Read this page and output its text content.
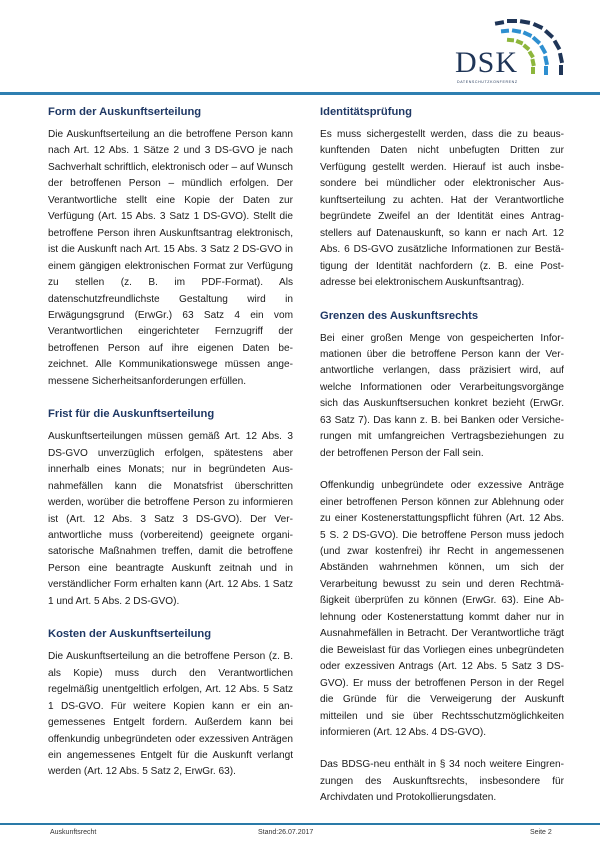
DSK
DATENSCHUTZKONFERENZ
Form der Auskunftserteilung

Die Auskunftserteilung an die betroffene Person kann nach Art. 12 Abs. 1 Sätze 2 und 3 DS-GVO je nach Sachverhalt schriftlich, elektronisch oder – auf Wunsch der betroffenen Person – mündlich erfolgen. Der Verantwortliche stellt eine Kopie der Daten zur Verfügung (Art. 15 Abs. 3 Satz 1 DS-GVO). Stellt die betroffene Person ihren Auskunftsantrag elektronisch, ist die Auskunft nach Art. 15 Abs. 3 Satz 2 DS-GVO in einem gängigen elektronischen Format zur Verfügung zu stellen (z. B. im PDF-Format). Als datenschutzfreundlichste Gestaltung wird in Erwägungsgrund (ErwGr.) 63 Satz 4 ein vom Verantwortlichen eingerichteter Fernzugriff der betroffenen Person auf ihre eigenen Daten bezeichnet. Alle Kommunikationswege müssen angemessene Sicherheitsanforderungen erfüllen.

Frist für die Auskunftserteilung

Auskunftserteilungen müssen gemäß Art. 12 Abs. 3 DS-GVO unverzüglich erfolgen, spätestens aber innerhalb eines Monats; nur in begründeten Ausnahmefällen kann die Monatsfrist überschritten werden, worüber die betroffene Person zu informieren ist (Art. 12 Abs. 3 Satz 3 DS-GVO). Der Verantwortliche muss (vorbereitend) geeignete organisatorische Maßnahmen treffen, damit die betroffene Person eine beantragte Auskunft zeitnah und in verständlicher Form erhalten kann (Art. 12 Abs. 1 Satz 1 und Art. 5 Abs. 2 DS-GVO).

Kosten der Auskunftserteilung

Die Auskunftserteilung an die betroffene Person (z. B. als Kopie) muss durch den Verantwortlichen regelmäßig unentgeltlich erfolgen, Art. 12 Abs. 5 Satz 1 DS-GVO. Für weitere Kopien kann er ein angemessenes Entgelt fordern. Außerdem kann bei offenkundig unbegründeten oder exzessiven Anträgen ein angemessenes Entgelt für die Auskunft verlangt werden (Art. 12 Abs. 5 Satz 2, ErwGr. 63).

Identitätsprüfung

Es muss sichergestellt werden, dass die zu beauskunftenden Daten nicht unbefugten Dritten zur Verfügung gestellt werden. Hierauf ist auch insbesondere bei mündlicher oder elektronischer Auskunftserteilung zu achten. Hat der Verantwortliche begründete Zweifel an der Identität eines Antragstellers auf Datenauskunft, so kann er nach Art. 12 Abs. 6 DS-GVO zusätzliche Informationen zur Bestätigung der Identität nachfordern (z. B. eine Postadresse bei elektronischem Auskunftsantrag).

Grenzen des Auskunftsrechts

Bei einer großen Menge von gespeicherten Informationen über die betroffene Person kann der Verantwortliche verlangen, dass präzisiert wird, auf welche Informationen oder Verarbeitungsvorgänge sich das Auskunftsersuchen konkret bezieht (ErwGr. 63 Satz 7). Das kann z. B. bei Banken oder Versicherungen mit umfangreichen Vertragsbeziehungen zu der betroffenen Person der Fall sein.

Offenkundig unbegründete oder exzessive Anträge einer betroffenen Person können zur Ablehnung oder zu einer Kostenerstattungspflicht führen (Art. 12 Abs. 5 S. 2 DS-GVO). Die betroffene Person muss jedoch (und zwar kostenfrei) ihr Recht in angemessenen Abständen wahrnehmen können, um sich der Verarbeitung bewusst zu sein und deren Rechtmäßigkeit überprüfen zu können (ErwGr. 63). Eine Ablehnung oder Kostenerstattung kommt daher nur in Ausnahmefällen in Betracht. Der Verantwortliche trägt die Beweislast für das Vorliegen eines unbegründeten oder exzessiven Antrags (Art. 12 Abs. 5 Satz 3 DS-GVO). Er muss der betroffenen Person in der Regel die Gründe für die Verweigerung der Auskunft mitteilen und sie über Rechtsschutzmöglichkeiten informieren (Art. 12 Abs. 4 DS-GVO).

Das BDSG-neu enthält in § 34 noch weitere Eingrenzungen des Auskunftsrechts, insbesondere für Archivdaten und Protokollierungsdaten.

Auskunftsrecht	Stand:26.07.2017	Seite 2
